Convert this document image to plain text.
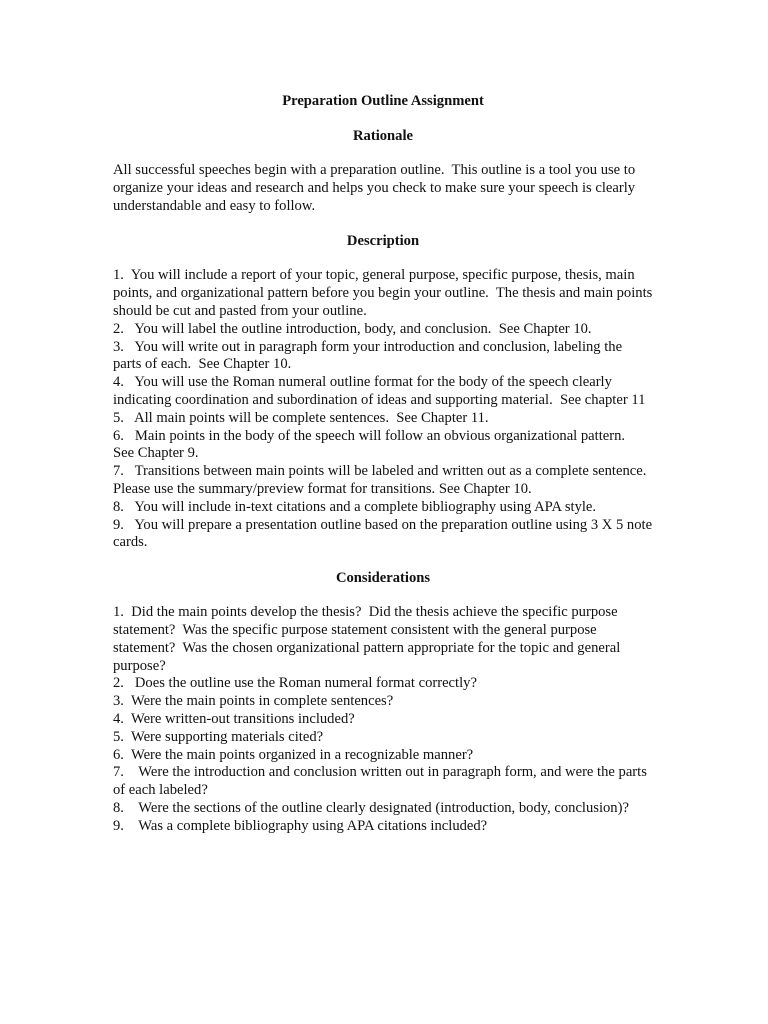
Preparation Outline Assignment
Rationale

All successful speeches begin with a preparation outline.  This outline is a tool you use to organize your ideas and research and helps you check to make sure your speech is clearly understandable and easy to follow.

Description
1.  You will include a report of your topic, general purpose, specific purpose, thesis, main points, and organizational pattern before you begin your outline.  The thesis and main points should be cut and pasted from your outline.
2.   You will label the outline introduction, body, and conclusion.  See Chapter 10.
3.   You will write out in paragraph form your introduction and conclusion, labeling the parts of each.  See Chapter 10.
4.   You will use the Roman numeral outline format for the body of the speech clearly indicating coordination and subordination of ideas and supporting material.  See chapter 11
5.   All main points will be complete sentences.  See Chapter 11.
6.   Main points in the body of the speech will follow an obvious organizational pattern.  See Chapter 9.
7.   Transitions between main points will be labeled and written out as a complete sentence.  Please use the summary/preview format for transitions. See Chapter 10.
8.   You will include in-text citations and a complete bibliography using APA style.
9.   You will prepare a presentation outline based on the preparation outline using 3 X 5 note cards.
Considerations
1.  Did the main points develop the thesis?  Did the thesis achieve the specific purpose statement?  Was the specific purpose statement consistent with the general purpose statement?  Was the chosen organizational pattern appropriate for the topic and general purpose?
2.   Does the outline use the Roman numeral format correctly?
3.  Were the main points in complete sentences?
4.  Were written-out transitions included?
5.  Were supporting materials cited?
6.  Were the main points organized in a recognizable manner?
7.    Were the introduction and conclusion written out in paragraph form, and were the parts of each labeled?
8.    Were the sections of the outline clearly designated (introduction, body, conclusion)?
9.    Was a complete bibliography using APA citations included?
